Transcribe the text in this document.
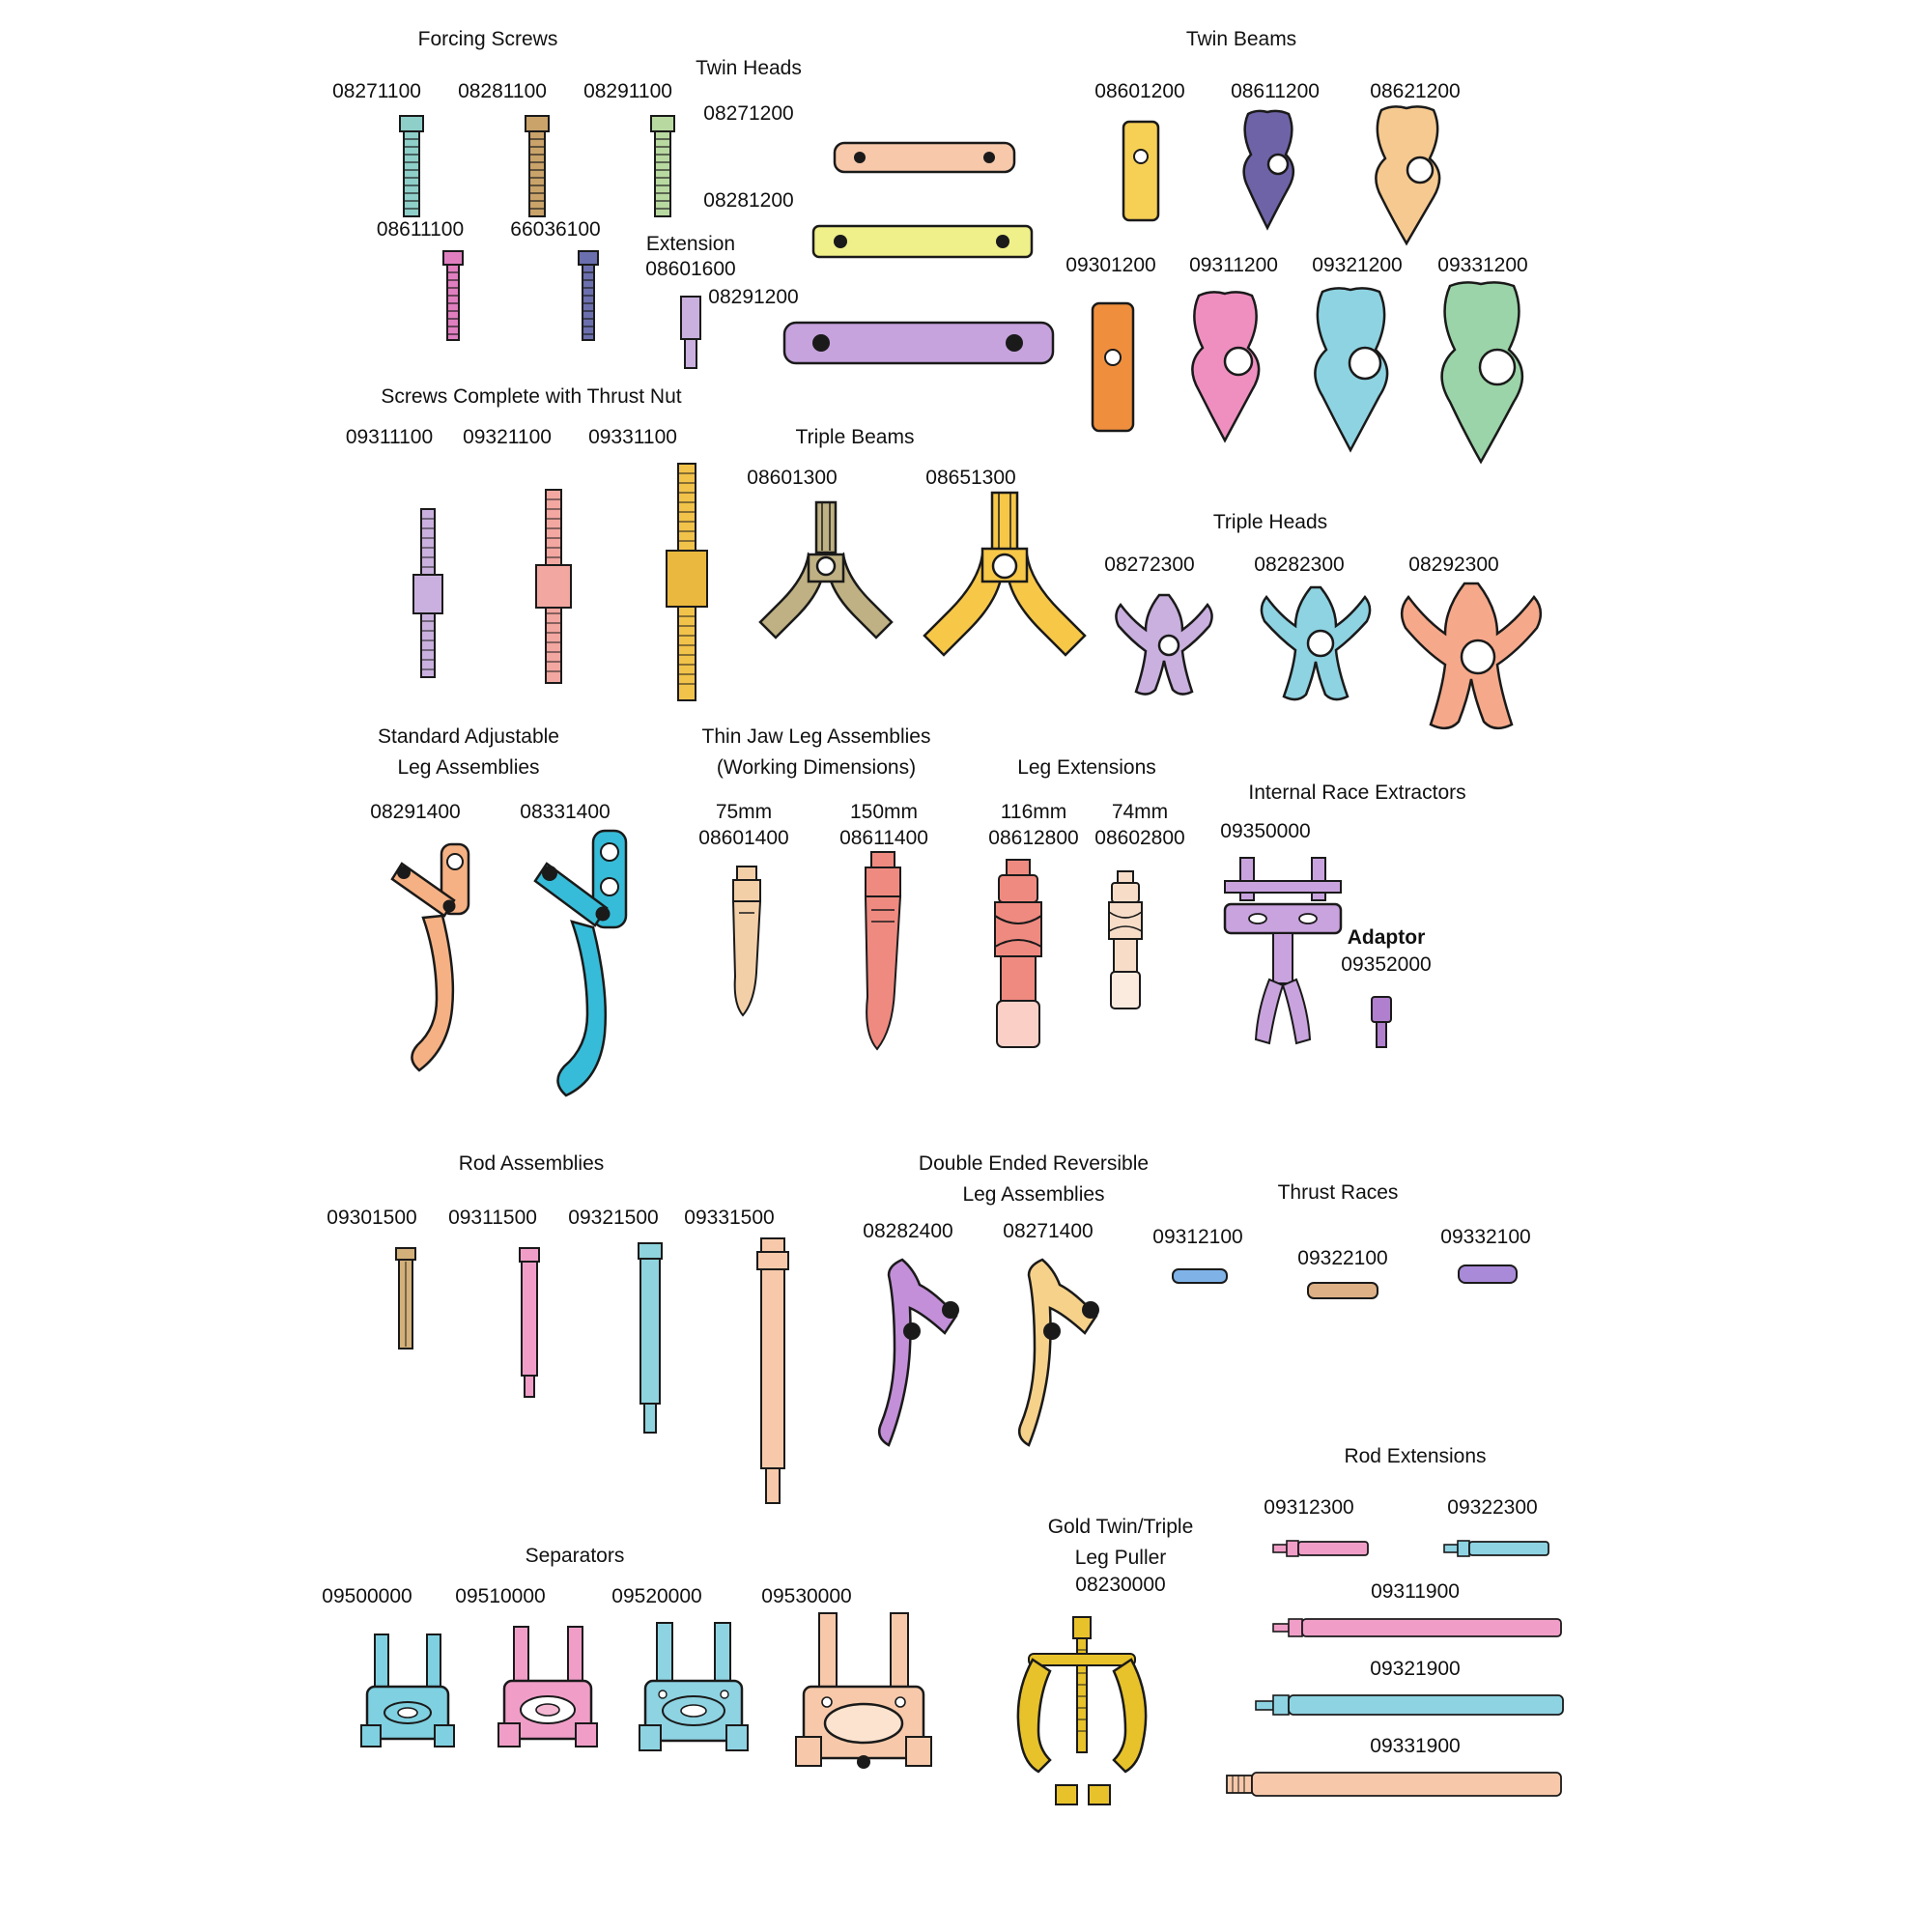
Forcing Screws
08271100	08281100	08291100
08611100	66036100
Extension
08601600
Twin Heads
08271200
08281200
08291200
Twin Beams
08601200	08611200	08621200
09301200	09311200	09321200	09331200
Screws Complete with Thrust Nut
09311100	09321100	09331100	Triple Beams
08601300	08651300
Triple Heads
08272300	08282300	08292300
Standard Adjustable
Leg Assemblies
08291400	08331400
Thin Jaw Leg Assemblies
(Working Dimensions)
75mm
08601400
150mm
08611400
Leg Extensions
116mm
08612800
74mm
08602800
Internal Race Extractors
09350000
Adaptor
09352000
Rod Assemblies
09301500	09311500	09321500	09331500
Double Ended Reversible
Leg Assemblies
08282400	08271400
Thrust Races
09312100
09322100
09332100
Separators
09500000	09510000	09520000	09530000
Gold Twin/Triple
Leg Puller
08230000
Rod Extensions
09312300	09322300
09311900
09321900
09331900
